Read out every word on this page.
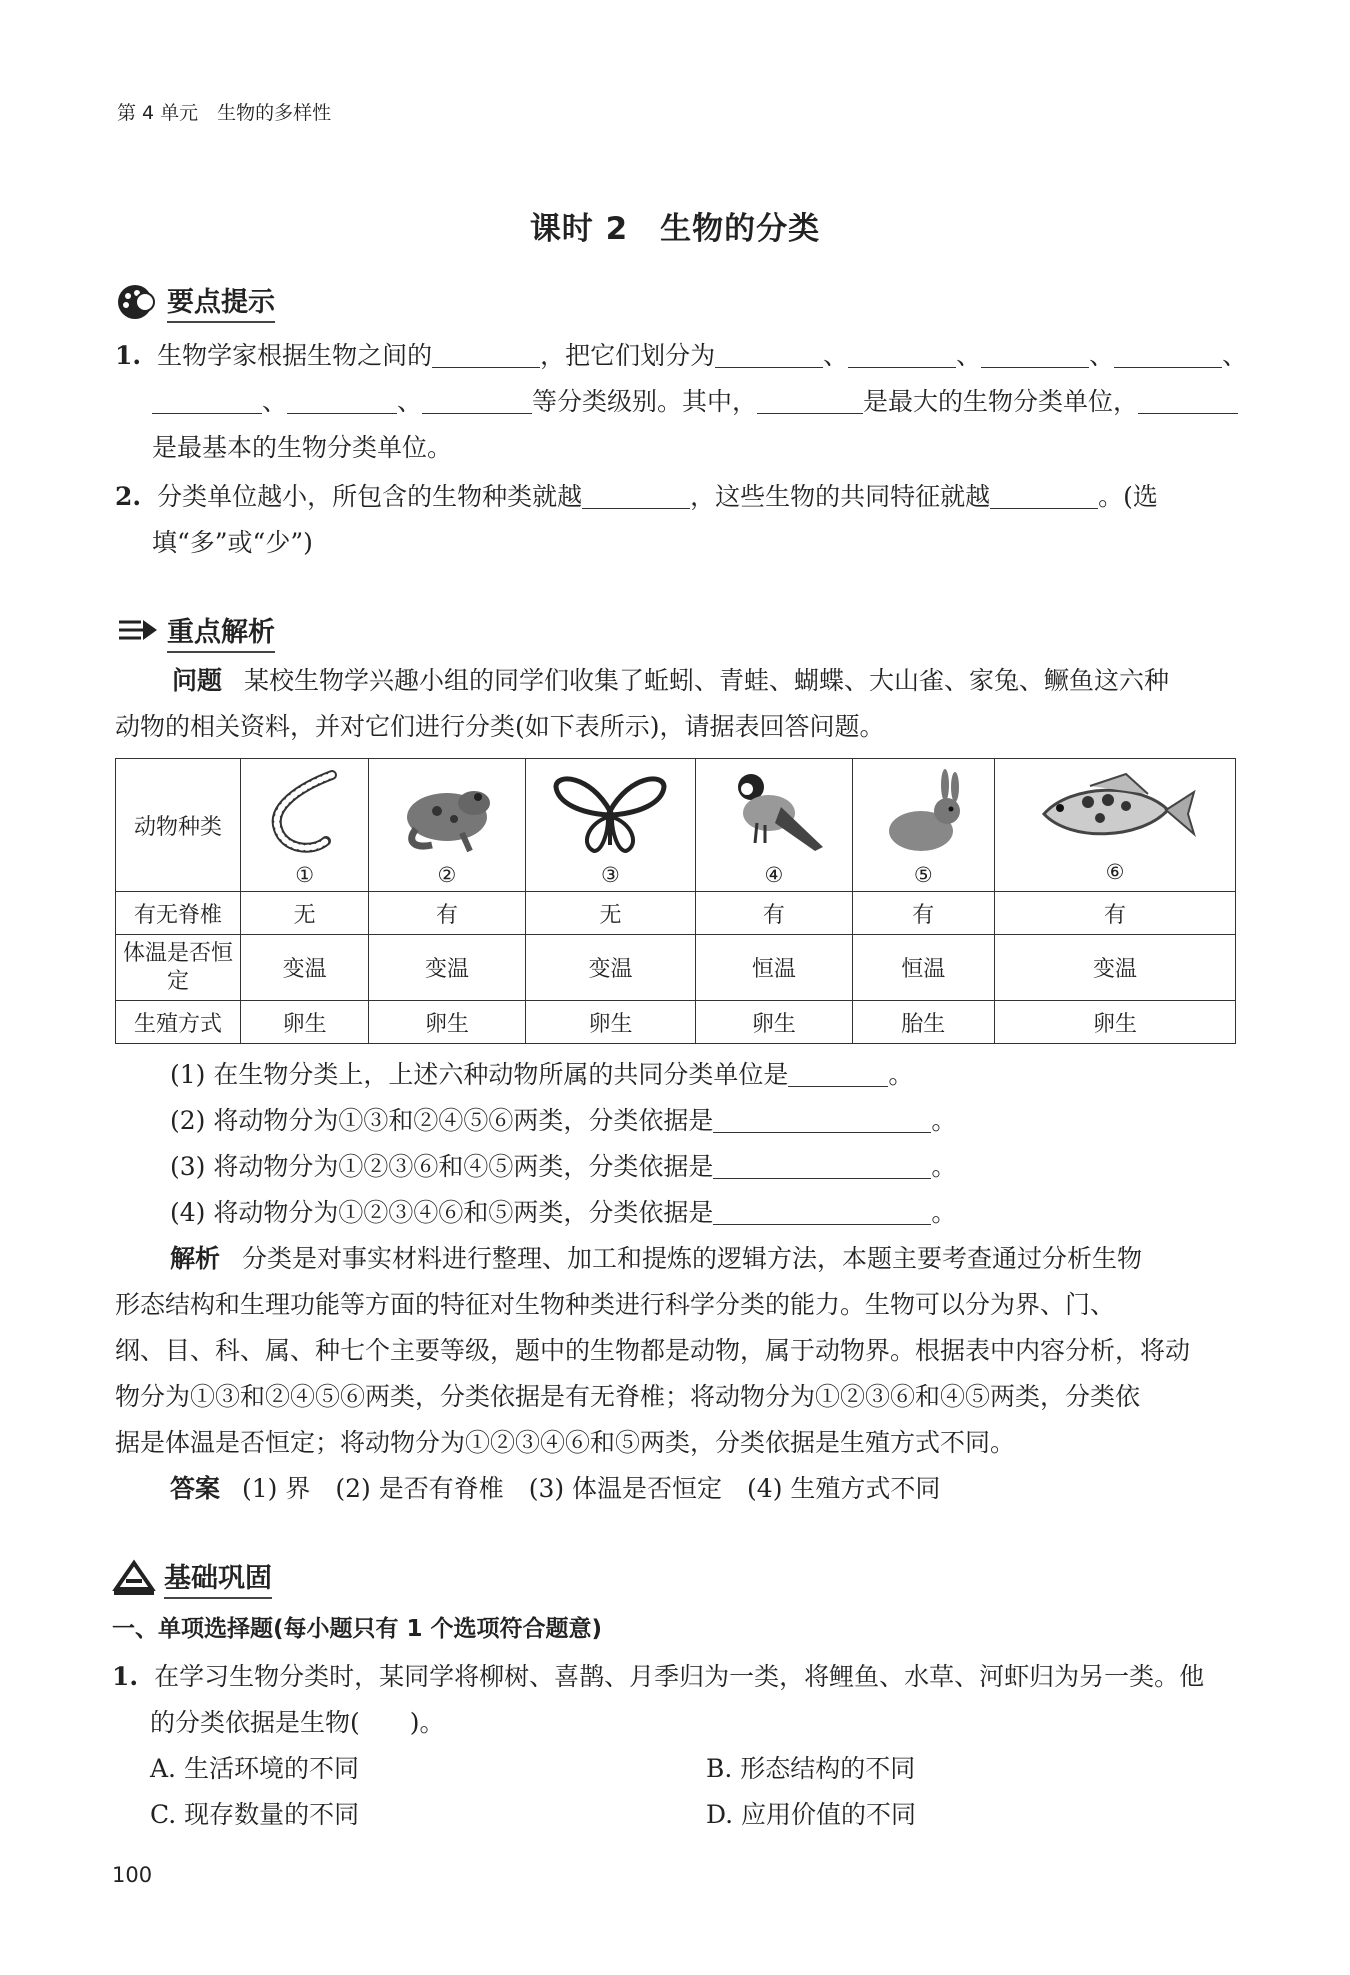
第 4 单元　生物的多样性
课时 2　生物的分类
要点提示
1. 生物学家根据生物之间的	，把它们划分为	、	、	、	、
、	、	等分类级别。其中，	是最大的生物分类单位，
是最基本的生物分类单位。
2. 分类单位越小，所包含的生物种类就越	，这些生物的共同特征就越	。(选
填“多”或“少”)
重点解析
问题 某校生物学兴趣小组的同学们收集了蚯蚓、青蛙、蝴蝶、大山雀、家兔、鳜鱼这六种
动物的相关资料，并对它们进行分类(如下表所示)，请据表回答问题。
动物种类	①	②	③	④	⑤	⑥

有无脊椎	无	有	无	有	有	有
体温是否恒定	变温	变温	变温	恒温	恒温	变温
生殖方式	卵生	卵生	卵生	卵生	胎生	卵生
(1) 在生物分类上，上述六种动物所属的共同分类单位是	。
(2) 将动物分为①③和②④⑤⑥两类，分类依据是	。
(3) 将动物分为①②③⑥和④⑤两类，分类依据是	。
(4) 将动物分为①②③④⑥和⑤两类，分类依据是	。
解析 分类是对事实材料进行整理、加工和提炼的逻辑方法，本题主要考查通过分析生物
形态结构和生理功能等方面的特征对生物种类进行科学分类的能力。生物可以分为界、门、
纲、目、科、属、种七个主要等级，题中的生物都是动物，属于动物界。根据表中内容分析，将动
物分为①③和②④⑤⑥两类，分类依据是有无脊椎；将动物分为①②③⑥和④⑤两类，分类依
据是体温是否恒定；将动物分为①②③④⑥和⑤两类，分类依据是生殖方式不同。
答案 (1) 界　(2) 是否有脊椎　(3) 体温是否恒定　(4) 生殖方式不同
基础巩固
一、单项选择题(每小题只有 1 个选项符合题意)
1. 在学习生物分类时，某同学将柳树、喜鹊、月季归为一类，将鲤鱼、水草、河虾归为另一类。他
的分类依据是生物(　　)。
A. 生活环境的不同	B. 形态结构的不同
C. 现存数量的不同	D. 应用价值的不同
100
